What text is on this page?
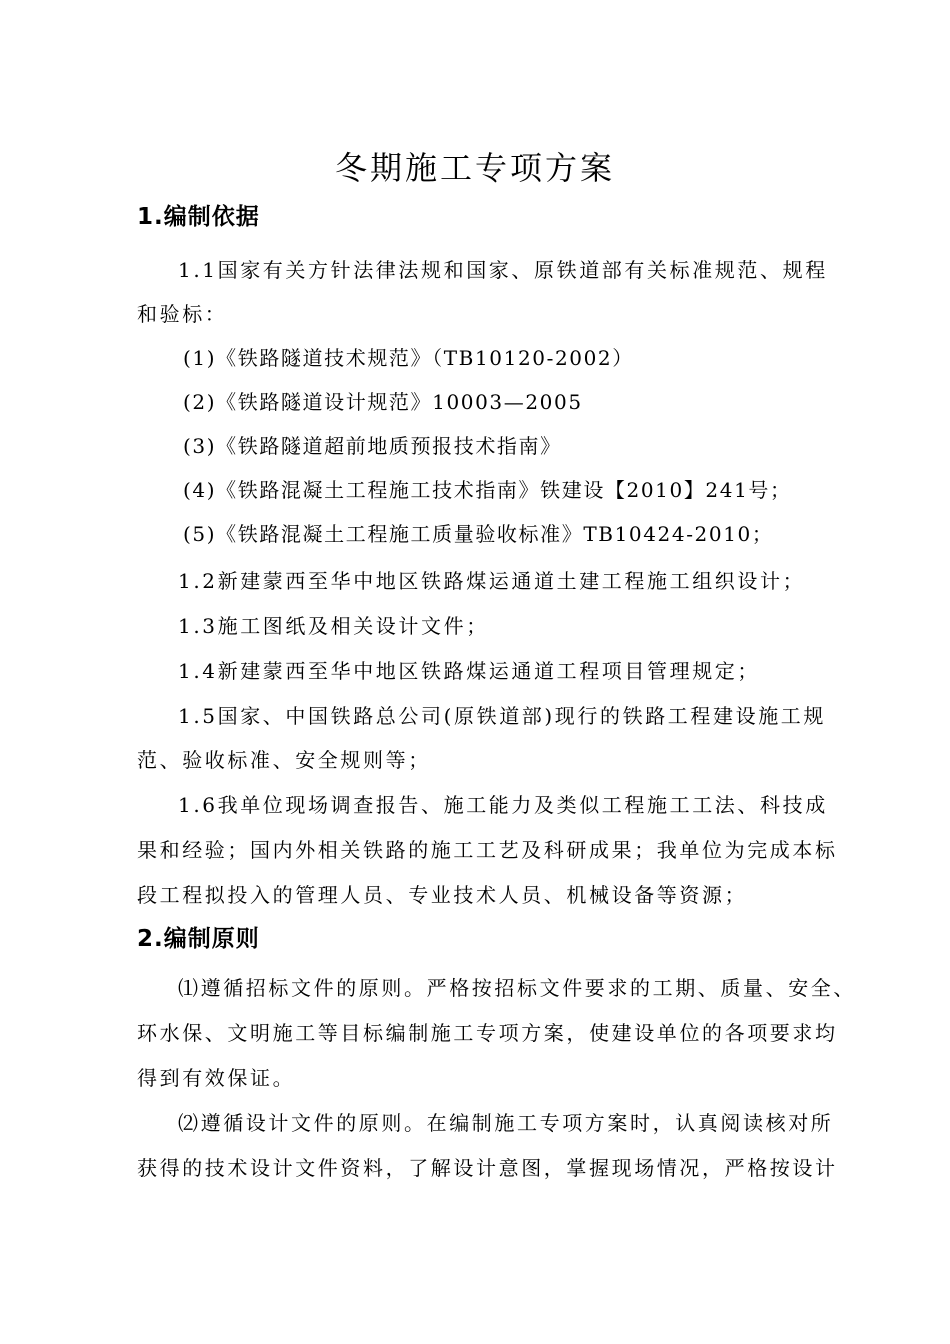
冬期施工专项方案
1.编制依据
1.1国家有关方针法律法规和国家、原铁道部有关标准规范、规程
和验标：
(1)《铁路隧道技术规范》（TB10120-2002）
(2)《铁路隧道设计规范》10003—2005
(3)《铁路隧道超前地质预报技术指南》
(4)《铁路混凝土工程施工技术指南》铁建设【2010】241号；
(5)《铁路混凝土工程施工质量验收标准》TB10424-2010；
1.2新建蒙西至华中地区铁路煤运通道土建工程施工组织设计；
1.3施工图纸及相关设计文件；
1.4新建蒙西至华中地区铁路煤运通道工程项目管理规定；
1.5国家、中国铁路总公司(原铁道部)现行的铁路工程建设施工规
范、验收标准、安全规则等；
1.6我单位现场调查报告、施工能力及类似工程施工工法、科技成
果和经验；国内外相关铁路的施工工艺及科研成果；我单位为完成本标
段工程拟投入的管理人员、专业技术人员、机械设备等资源；
2.编制原则
⑴遵循招标文件的原则。严格按招标文件要求的工期、质量、安全、
环水保、文明施工等目标编制施工专项方案，使建设单位的各项要求均
得到有效保证。
⑵遵循设计文件的原则。在编制施工专项方案时，认真阅读核对所
获得的技术设计文件资料，了解设计意图，掌握现场情况，严格按设计
